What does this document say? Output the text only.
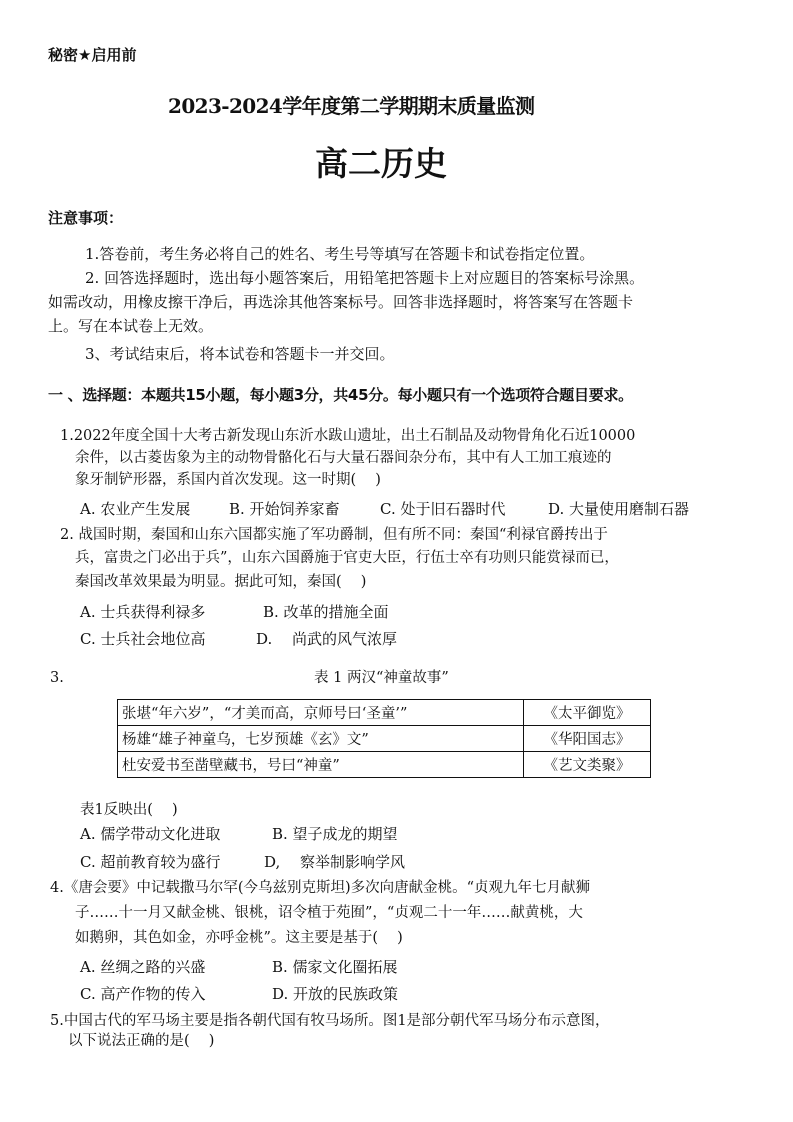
秘密★启用前
2023-2024学年度第二学期期末质量监测
高二历史
注意事项：
1.答卷前，考生务必将自己的姓名、考生号等填写在答题卡和试卷指定位置。
2. 回答选择题时，选出每小题答案后，用铅笔把答题卡上对应题目的答案标号涂黑。
如需改动，用橡皮擦干净后，再选涂其他答案标号。回答非选择题时，将答案写在答题卡
上。写在本试卷上无效。
3、考试结束后，将本试卷和答题卡一并交回。
一 、选择题：本题共15小题，每小题3分，共45分。每小题只有一个选项符合题目要求。
1.2022年度全国十大考古新发现山东沂水跋山遗址，出土石制品及动物骨角化石近10000
余件，以古菱齿象为主的动物骨骼化石与大量石器间杂分布，其中有人工加工痕迹的
象牙制铲形器，系国内首次发现。这一时期(　 )
A. 农业产生发展	B. 开始饲养家畜	C. 处于旧石器时代	D. 大量使用磨制石器
2. 战国时期，秦国和山东六国都实施了军功爵制，但有所不同：秦国“利禄官爵抟出于
兵，富贵之门必出于兵”，山东六国爵施于官吏大臣，行伍士卒有功则只能赏禄而已，
秦国改革效果最为明显。据此可知，秦国(　 )
A. 士兵获得利禄多	B. 改革的措施全面
C. 士兵社会地位高	D.　 尚武的风气浓厚
3.	表 1 两汉“神童故事”
张堪“年六岁”，“才美而高，京师号曰‘圣童’”	《太平御览》
杨雄“雄子神童乌，七岁预雄《玄》文”	《华阳国志》
杜安爱书至凿壁藏书，号曰“神童”	《艺文类聚》
表1反映出(　 )
A. 儒学带动文化进取	B. 望子成龙的期望
C. 超前教育较为盛行	D,　 察举制影响学风
4.《唐会要》中记载撒马尔罕(今乌兹别克斯坦)多次向唐献金桃。“贞观九年七月献狮
子……十一月又献金桃、银桃，诏令植于苑囿”，“贞观二十一年……献黄桃，大
如鹅卵，其色如金，亦呼金桃”。这主要是基于(　 )
A. 丝绸之路的兴盛	B. 儒家文化圈拓展
C. 高产作物的传入	D. 开放的民族政策
5.中国古代的军马场主要是指各朝代国有牧马场所。图1是部分朝代军马场分布示意图，
以下说法正确的是(　 )
